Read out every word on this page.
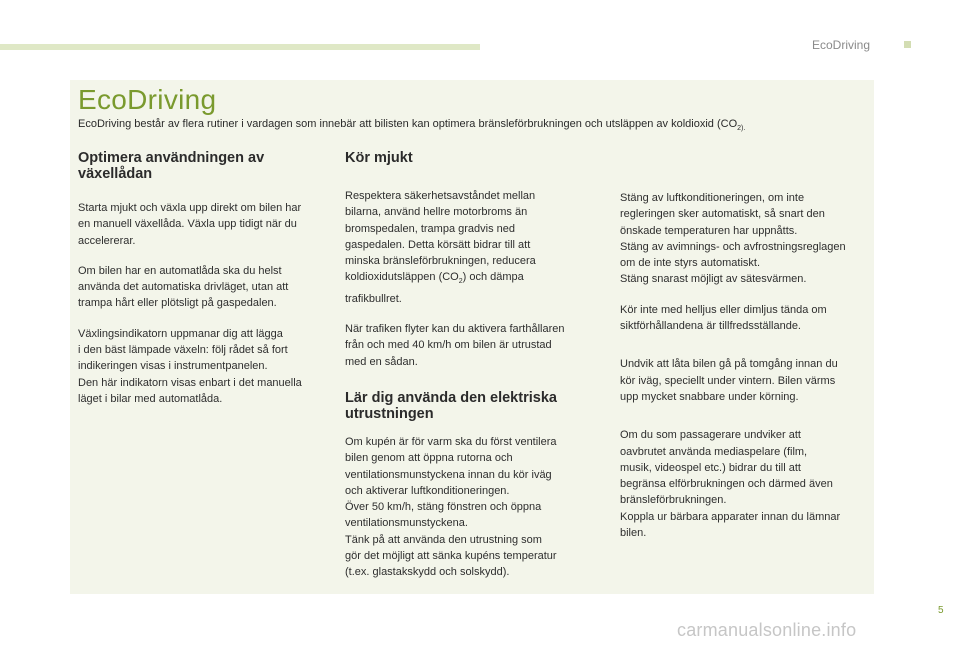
EcoDriving
EcoDriving
EcoDriving består av flera rutiner i vardagen som innebär att bilisten kan optimera bränsleförbrukningen och utsläppen av koldioxid ($CO_{2).}$
Optimera användningen av
växellådan

Starta mjukt och växla upp direkt om bilen har
en manuell växellåda. Växla upp tidigt när du
accelererar.

Om bilen har en automatlåda ska du helst
använda det automatiska drivläget, utan att
trampa hårt eller plötsligt på gaspedalen.

Växlingsindikatorn uppmanar dig att lägga
i den bäst lämpade växeln: följ rådet så fort
indikeringen visas i instrumentpanelen.
Den här indikatorn visas enbart i det manuella
läget i bilar med automatlåda.

Kör mjukt

Respektera säkerhetsavståndet mellan
bilarna, använd hellre motorbroms än
bromspedalen, trampa gradvis ned
gaspedalen. Detta körsätt bidrar till att
minska bränsleförbrukningen, reducera
koldioxidutsläppen $(CO_2)$ och dämpa
trafikbullret.

När trafiken flyter kan du aktivera farthållaren
från och med 40 km/h om bilen är utrustad
med en sådan.

Lär dig använda den elektriska
utrustningen

Om kupén är för varm ska du först ventilera
bilen genom att öppna rutorna och
ventilationsmunstyckena innan du kör iväg
och aktiverar luftkonditioneringen.
Över 50 km/h, stäng fönstren och öppna
ventilationsmunstyckena.
Tänk på att använda den utrustning som
gör det möjligt att sänka kupéns temperatur
(t.ex. glastakskydd och solskydd).

Stäng av luftkonditioneringen, om inte
regleringen sker automatiskt, så snart den
önskade temperaturen har uppnåtts.
Stäng av avimnings- och avfrostningsreglagen
om de inte styrs automatiskt.
Stäng snarast möjligt av sätesvärmen.

Kör inte med helljus eller dimljus tända om
siktförhållandena är tillfredsställande.

Undvik att låta bilen gå på tomgång innan du
kör iväg, speciellt under vintern. Bilen värms
upp mycket snabbare under körning.

Om du som passagerare undviker att
oavbrutet använda mediaspelare (film,
musik, videospel etc.) bidrar du till att
begränsa elförbrukningen och därmed även
bränsleförbrukningen.
Koppla ur bärbara apparater innan du lämnar
bilen.

5
carmanualsonline.info
